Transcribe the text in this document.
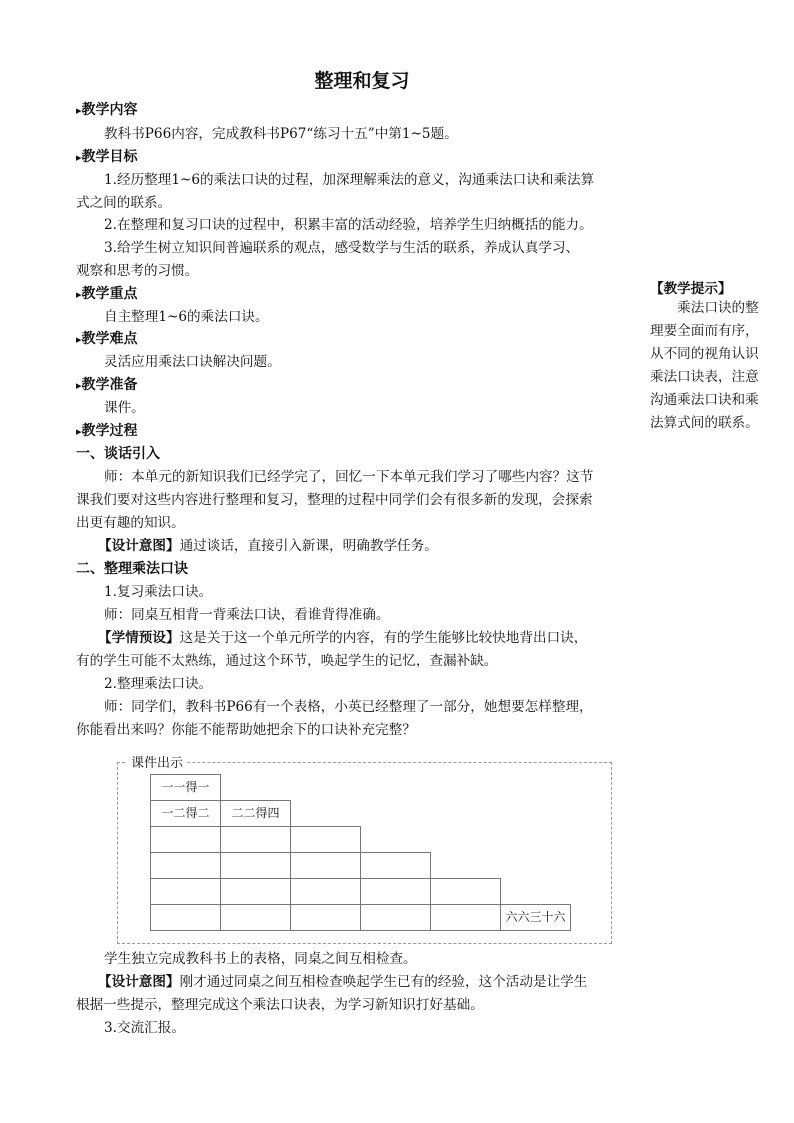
整理和复习
▸教学内容
教科书P66内容，完成教科书P67“练习十五”中第1~5题。
▸教学目标
1.经历整理1~6的乘法口诀的过程，加深理解乘法的意义，沟通乘法口诀和乘法算
式之间的联系。
2.在整理和复习口诀的过程中，积累丰富的活动经验，培养学生归纳概括的能力。
3.给学生树立知识间普遍联系的观点，感受数学与生活的联系，养成认真学习、
观察和思考的习惯。
▸教学重点
自主整理1~6的乘法口诀。
▸教学难点
灵活应用乘法口诀解决问题。
▸教学准备
课件。
▸教学过程
一、谈话引入
师：本单元的新知识我们已经学完了，回忆一下本单元我们学习了哪些内容？这节
课我们要对这些内容进行整理和复习，整理的过程中同学们会有很多新的发现，会探索
出更有趣的知识。
【设计意图】通过谈话，直接引入新课，明确教学任务。
二、整理乘法口诀
1.复习乘法口诀。
师：同桌互相背一背乘法口诀，看谁背得准确。
【学情预设】这是关于这一个单元所学的内容，有的学生能够比较快地背出口诀，
有的学生可能不太熟练，通过这个环节，唤起学生的记忆，查漏补缺。
2.整理乘法口诀。
师：同学们，教科书P66有一个表格，小英已经整理了一部分，她想要怎样整理，
你能看出来吗？你能不能帮助她把余下的口诀补充完整？
课件出示
一一得一
一二得二	二二得四
六六三十六
学生独立完成教科书上的表格，同桌之间互相检查。
【设计意图】刚才通过同桌之间互相检查唤起学生已有的经验，这个活动是让学生
根据一些提示，整理完成这个乘法口诀表，为学习新知识打好基础。
3.交流汇报。
【教学提示】
　　乘法口诀的整
理要全面而有序，
从不同的视角认识
乘法口诀表，注意
沟通乘法口诀和乘
法算式间的联系。
